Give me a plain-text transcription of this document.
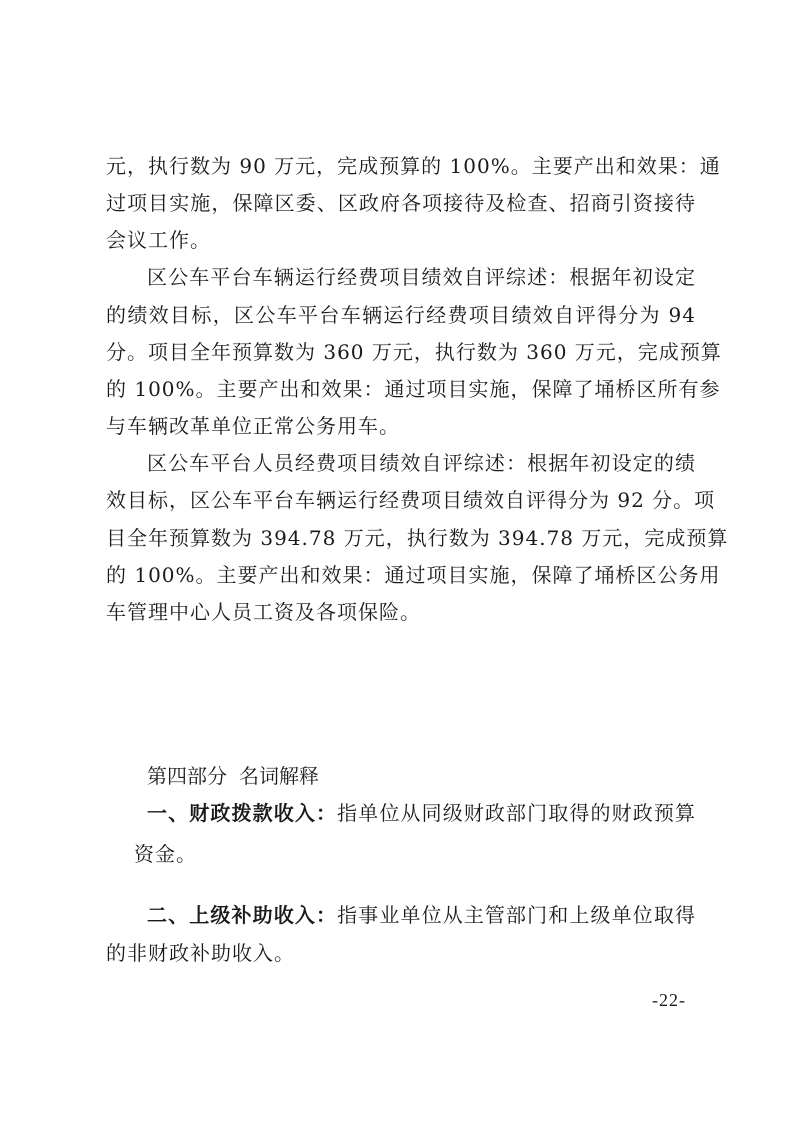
元，执行数为 90 万元，完成预算的 100%。主要产出和效果：通
过项目实施，保障区委、区政府各项接待及检查、招商引资接待
会议工作。
区公车平台车辆运行经费项目绩效自评综述：根据年初设定
的绩效目标，区公车平台车辆运行经费项目绩效自评得分为 94
分。项目全年预算数为 360 万元，执行数为 360 万元，完成预算
的 100%。主要产出和效果：通过项目实施，保障了埇桥区所有参
与车辆改革单位正常公务用车。
区公车平台人员经费项目绩效自评综述：根据年初设定的绩
效目标，区公车平台车辆运行经费项目绩效自评得分为 92 分。项
目全年预算数为 394.78 万元，执行数为 394.78 万元，完成预算
的 100%。主要产出和效果：通过项目实施，保障了埇桥区公务用
车管理中心人员工资及各项保险。
第四部分 名词解释
一、财政拨款收入：指单位从同级财政部门取得的财政预算
资金。
二、上级补助收入：指事业单位从主管部门和上级单位取得
的非财政补助收入。
-22-
